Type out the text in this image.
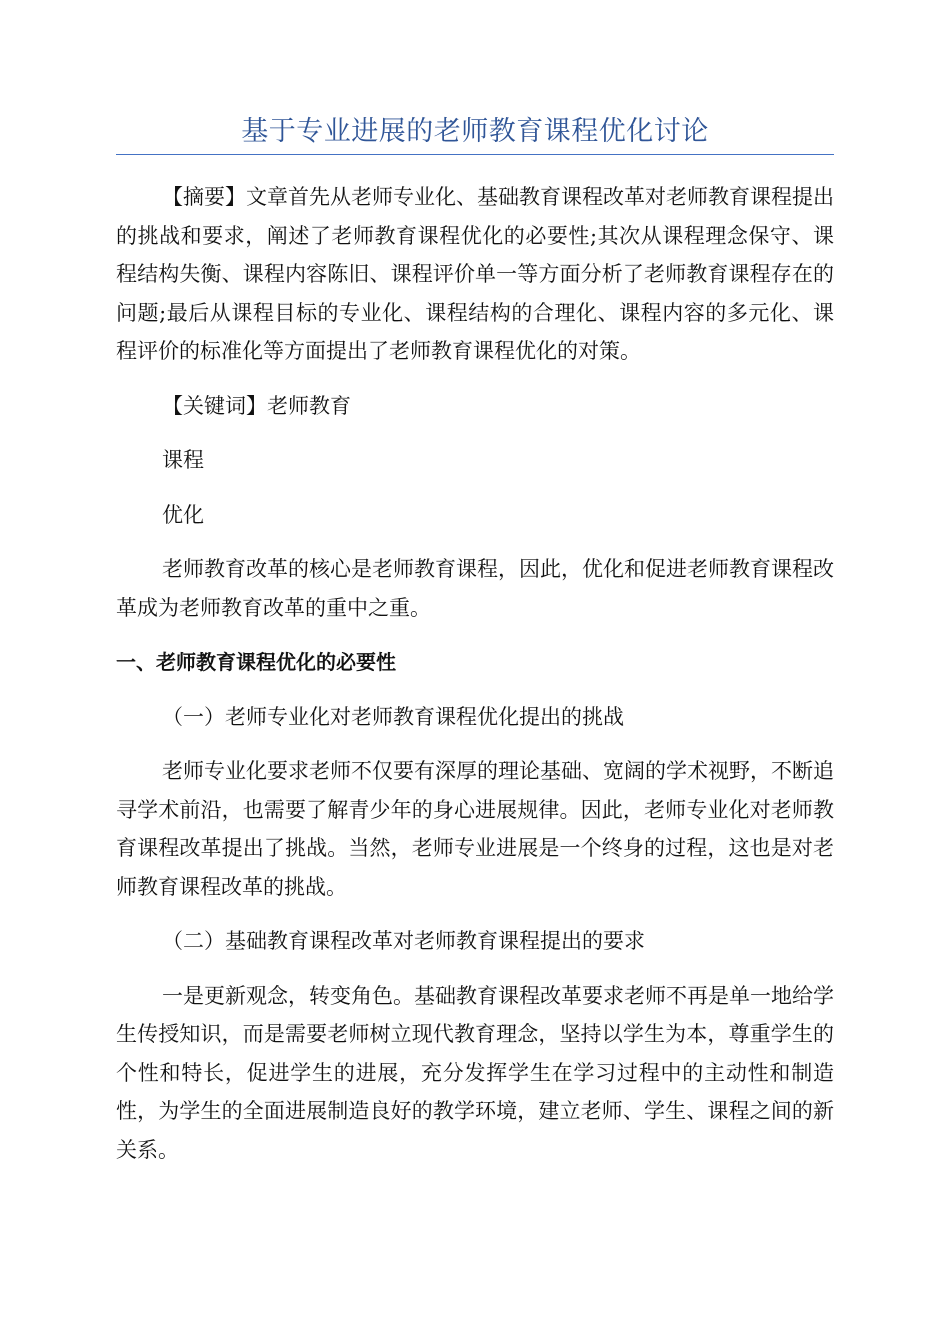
基于专业进展的老师教育课程优化讨论

【摘要】文章首先从老师专业化、基础教育课程改革对老师教育课程提出的挑战和要求，阐述了老师教育课程优化的必要性;其次从课程理念保守、课程结构失衡、课程内容陈旧、课程评价单一等方面分析了老师教育课程存在的问题;最后从课程目标的专业化、课程结构的合理化、课程内容的多元化、课程评价的标准化等方面提出了老师教育课程优化的对策。

【关键词】老师教育

课程

优化

老师教育改革的核心是老师教育课程，因此，优化和促进老师教育课程改革成为老师教育改革的重中之重。

一、老师教育课程优化的必要性

（一）老师专业化对老师教育课程优化提出的挑战

老师专业化要求老师不仅要有深厚的理论基础、宽阔的学术视野，不断追寻学术前沿，也需要了解青少年的身心进展规律。因此，老师专业化对老师教育课程改革提出了挑战。当然，老师专业进展是一个终身的过程，这也是对老师教育课程改革的挑战。

（二）基础教育课程改革对老师教育课程提出的要求

一是更新观念，转变角色。基础教育课程改革要求老师不再是单一地给学生传授知识，而是需要老师树立现代教育理念，坚持以学生为本，尊重学生的个性和特长，促进学生的进展，充分发挥学生在学习过程中的主动性和制造性，为学生的全面进展制造良好的教学环境，建立老师、学生、课程之间的新关系。
